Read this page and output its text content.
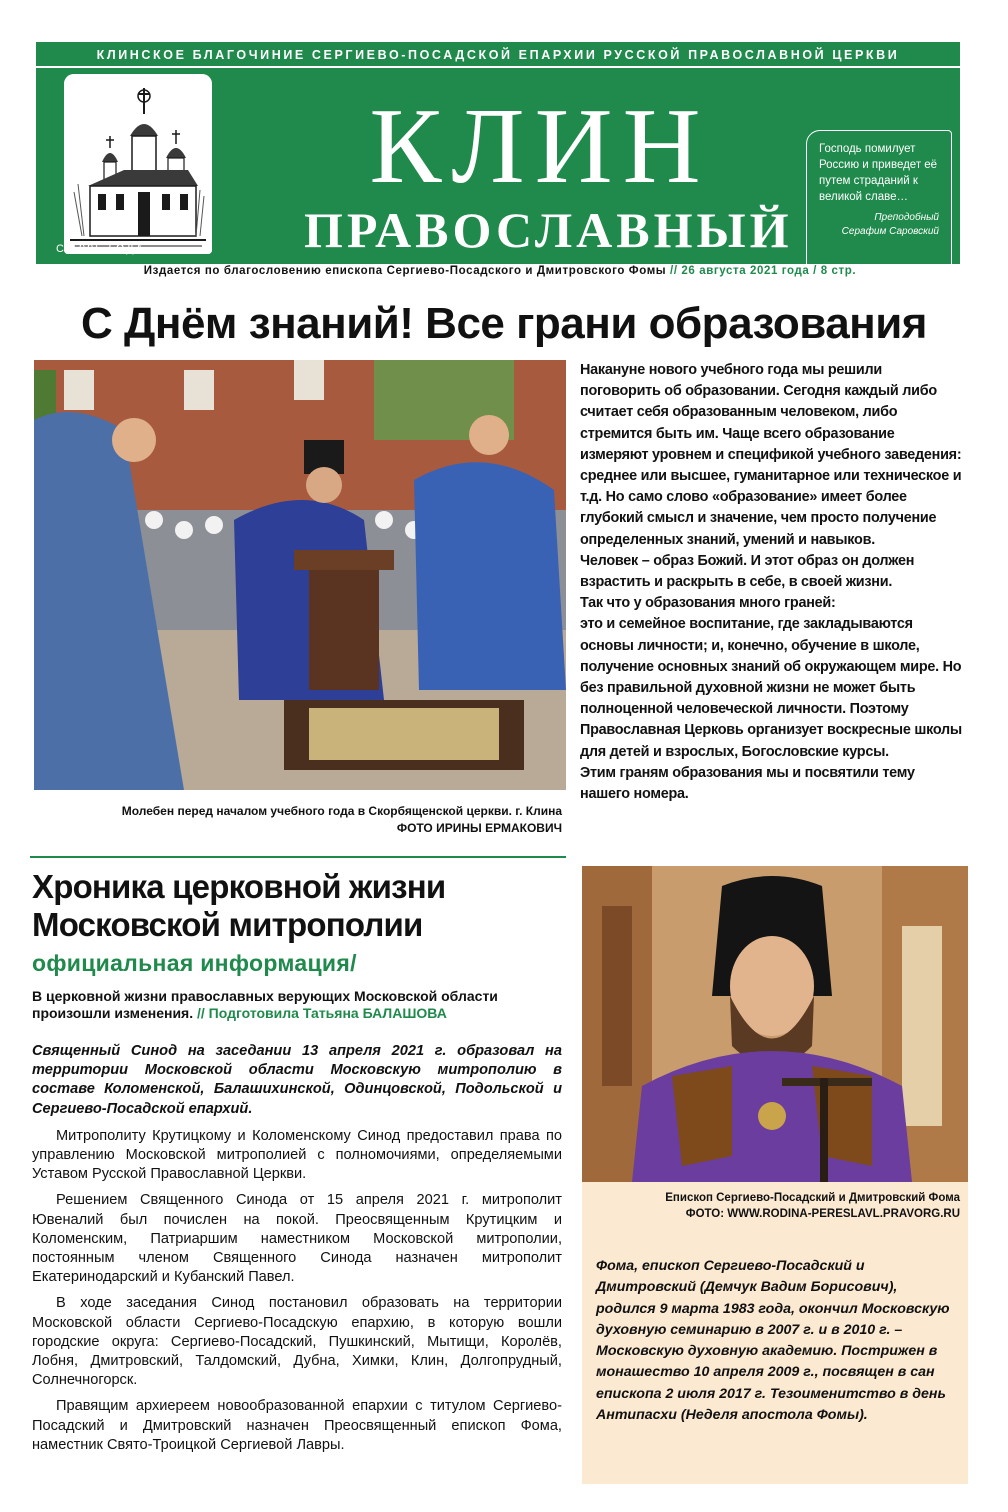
КЛИНСКОЕ БЛАГОЧИНИЕ СЕРГИЕВО-ПОСАДСКОЙ ЕПАРХИИ РУССКОЙ ПРАВОСЛАВНОЙ ЦЕРКВИ
КЛИН
ПРАВОСЛАВНЫЙ
Господь помилует Россию и приведет её путем страданий к великой славе…
Преподобный
Серафим Саровский
С 1995 ГОДА
Издается по благословению епископа Сергиево-Посадского и Дмитровского Фомы // 26 августа 2021 года / 8 стр.
С Днём знаний! Все грани образования
Молебен перед началом учебного года в Скорбященской церкви. г. Клина
ФОТО ИРИНЫ ЕРМАКОВИЧ

Накануне нового учебного года мы решили поговорить об образовании. Сегодня каждый либо считает себя образованным человеком, либо стремится быть им. Чаще всего образование измеряют уровнем и спецификой учебного заведения: среднее или высшее, гуманитарное или техническое и т.д. Но само слово «образование» имеет более глубокий смысл и значение, чем просто получение определенных знаний, умений и навыков.

Человек – образ Божий. И этот образ он должен взрастить и раскрыть в себе, в своей жизни.

Так что у образования много граней:

это и семейное воспитание, где закладываются основы личности; и, конечно, обучение в школе, получение основных знаний об окружающем мире. Но без правильной духовной жизни не может быть полноценной человеческой личности. Поэтому Православная Церковь организует воскресные школы для детей и взрослых, Богословские курсы.

Этим граням образования мы и посвятили тему нашего номера.

Хроника церковной жизни Московской митрополии
официальная информация/
В церковной жизни православных верующих Московской области произошли изменения. // Подготовила Татьяна БАЛАШОВА

Священный Синод на заседании 13 апреля 2021 г. образовал на территории Московской области Московскую митрополию в составе Коломенской, Балашихинской, Одинцовской, Подольской и Сергиево-Посадской епархий.

Митрополиту Крутицкому и Коломенскому Синод предоставил права по управлению Московской митрополией с полномочиями, определяемыми Уставом Русской Православной Церкви.

Решением Священного Синода от 15 апреля 2021 г. митрополит Ювеналий был почислен на покой. Преосвященным Крутицким и Коломенским, Патриаршим наместником Московской митрополии, постоянным членом Священного Синода назначен митрополит Екатеринодарский и Кубанский Павел.

В ходе заседания Синод постановил образовать на территории Московской области Сергиево-Посадскую епархию, в которую вошли городские округа: Сергиево-Посадский, Пушкинский, Мытищи, Королёв, Лобня, Дмитровский, Талдомский, Дубна, Химки, Клин, Долгопрудный, Солнечногорск.

Правящим архиереем новообразованной епархии с титулом Сергиево-Посадский и Дмитровский назначен Преосвященный епископ Фома, наместник Свято-Троицкой Сергиевой Лавры.

Епископ Сергиево-Посадский и Дмитровский Фома
ФОТО: WWW.RODINA-PERESLAVL.PRAVORG.RU
Фома, епископ Сергиево-Посадский и Дмитровский (Демчук Вадим Борисович), родился 9 марта 1983 года, окончил Московскую духовную семинарию в 2007 г. и в 2010 г. – Московскую духовную академию. Пострижен в монашество 10 апреля 2009 г., посвящен в сан епископа 2 июля 2017 г. Тезоименитство в день Антипасхи (Неделя апостола Фомы).
